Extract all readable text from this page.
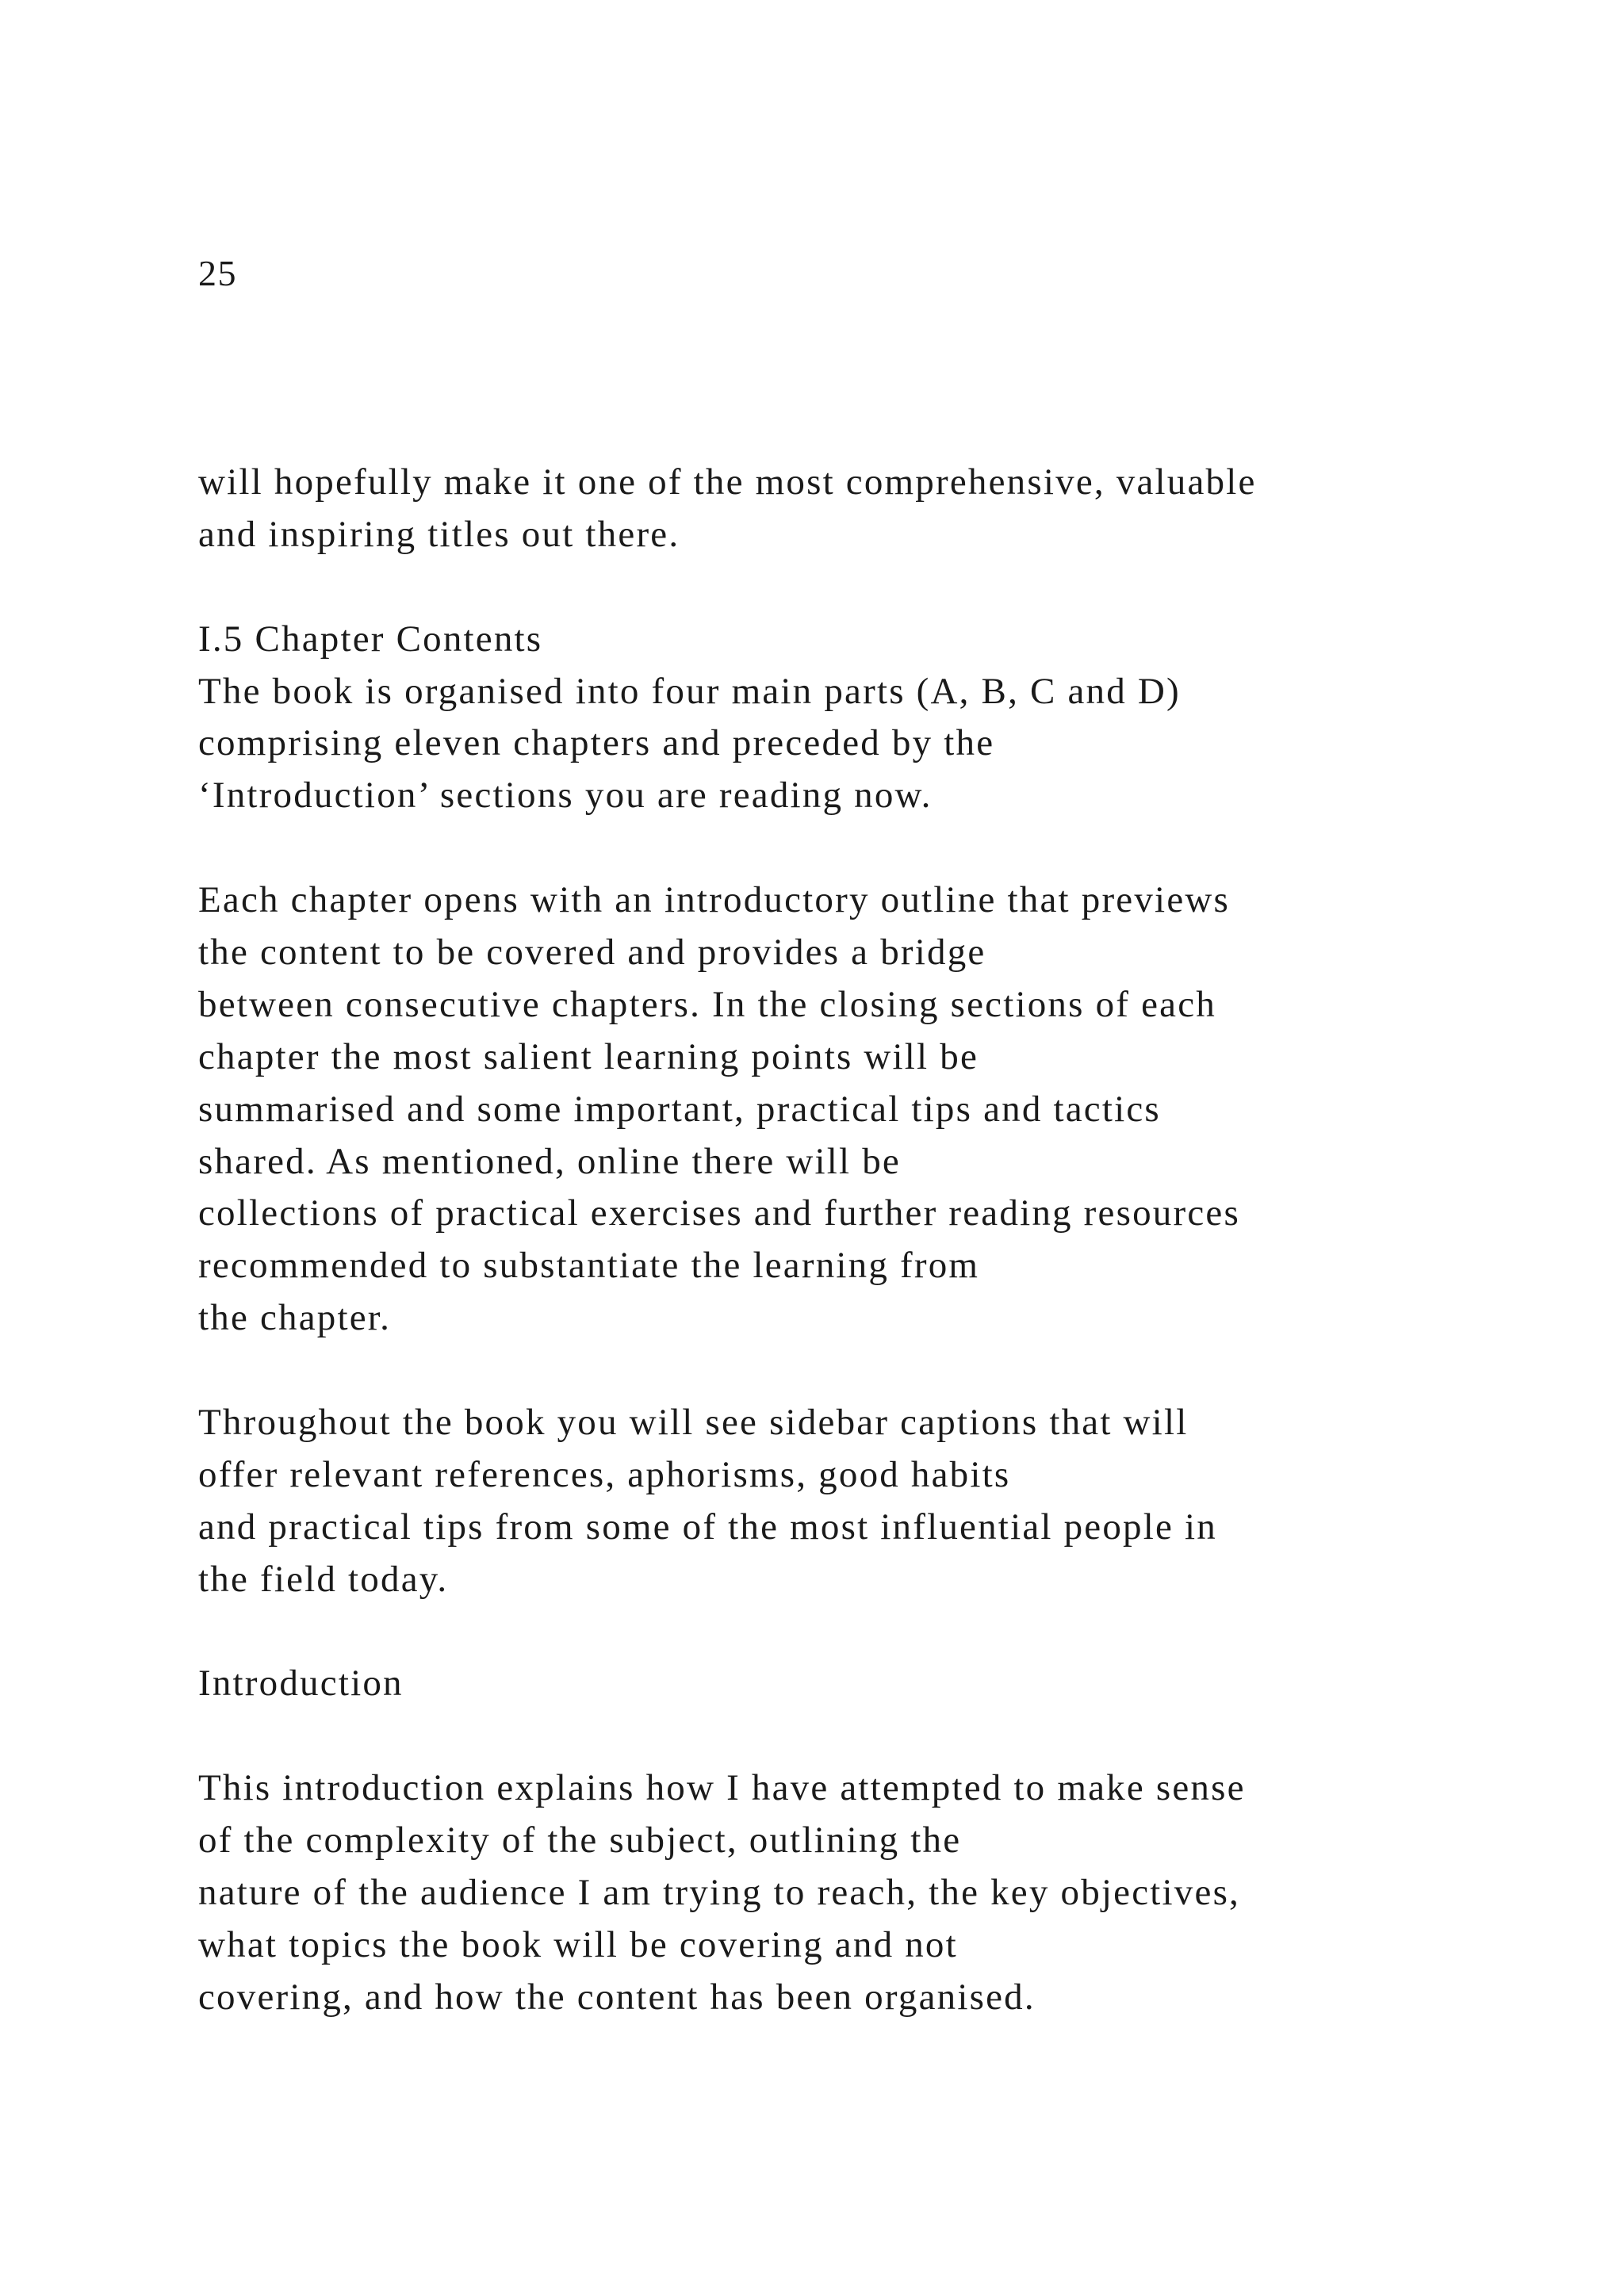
25
will hopefully make it one of the most comprehensive, valuable
and inspiring titles out there.
I.5 Chapter Contents
The book is organised into four main parts (A, B, C and D)
comprising eleven chapters and preceded by the
‘Introduction’ sections you are reading now.
Each chapter opens with an introductory outline that previews
the content to be covered and provides a bridge
between consecutive chapters. In the closing sections of each
chapter the most salient learning points will be
summarised and some important, practical tips and tactics
shared. As mentioned, online there will be
collections of practical exercises and further reading resources
recommended to substantiate the learning from
the chapter.
Throughout the book you will see sidebar captions that will
offer relevant references, aphorisms, good habits
and practical tips from some of the most influential people in
the field today.
Introduction
This introduction explains how I have attempted to make sense
of the complexity of the subject, outlining the
nature of the audience I am trying to reach, the key objectives,
what topics the book will be covering and not
covering, and how the content has been organised.
